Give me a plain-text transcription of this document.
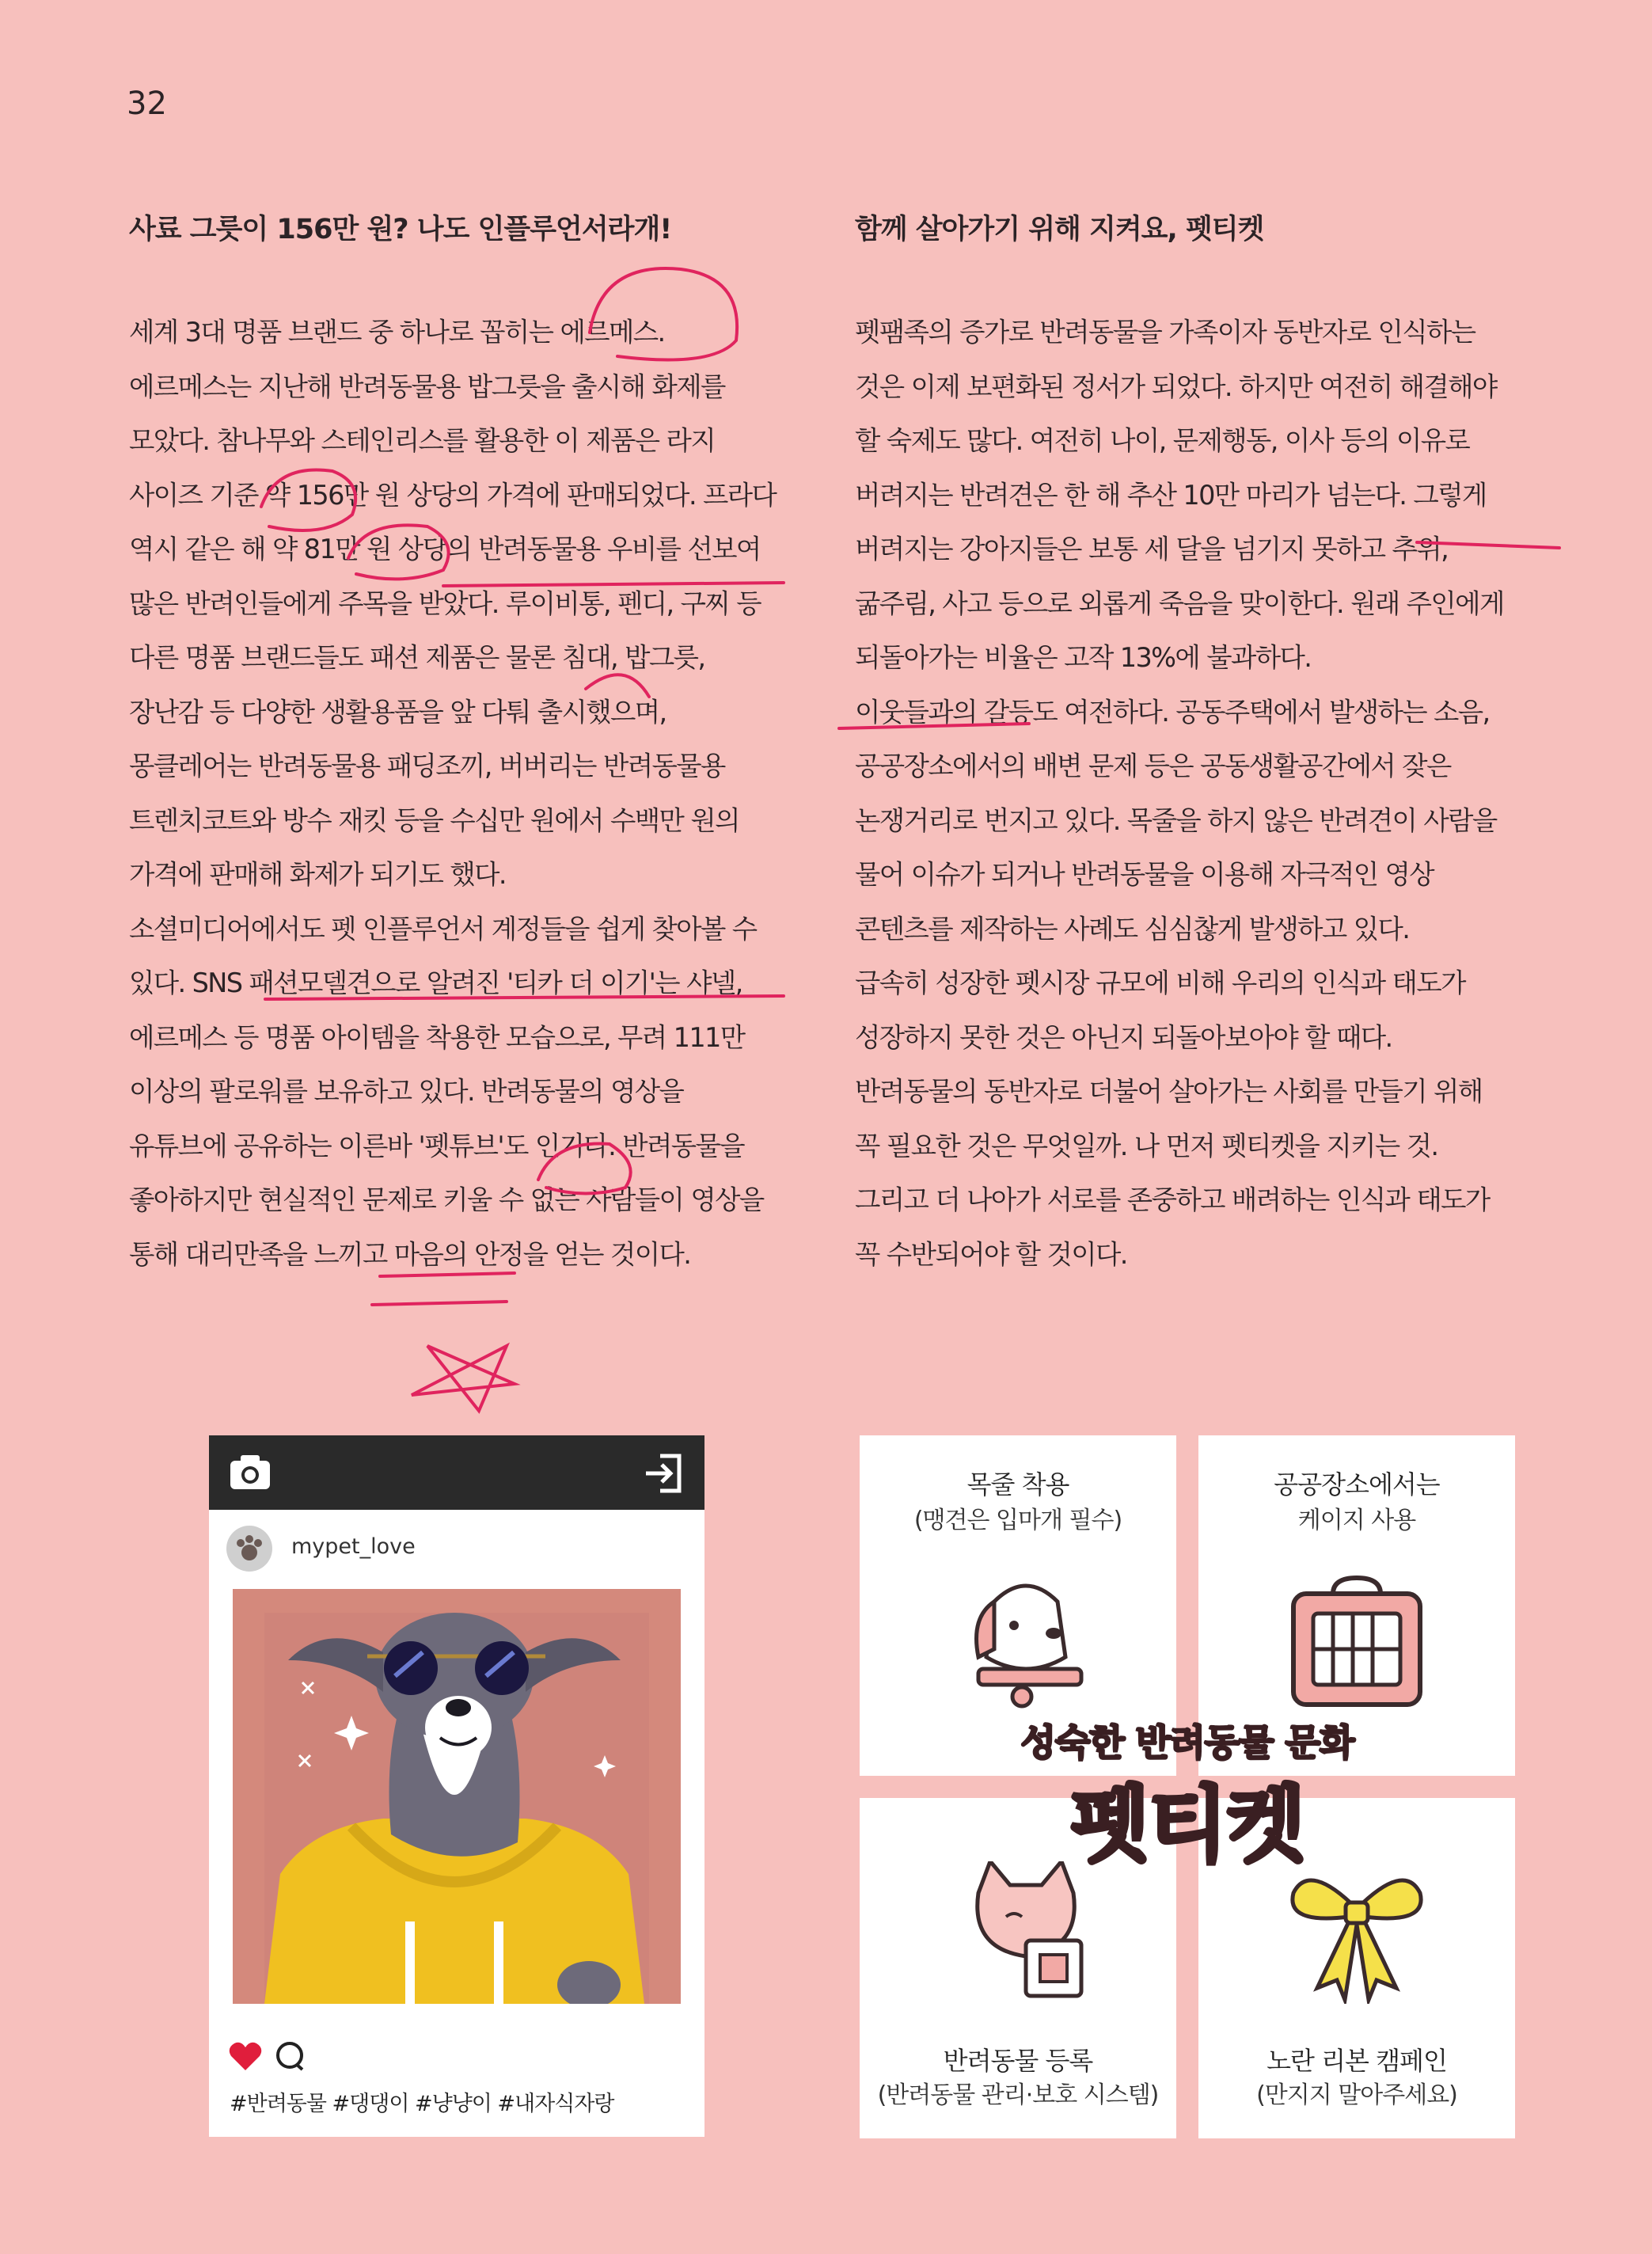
32
사료 그릇이 156만 원? 나도 인플루언서라개!

세계 3대 명품 브랜드 중 하나로 꼽히는 에르메스. 에르메스는 지난해 반려동물용 밥그릇을 출시해 화제를 모았다. 참나무와 스테인리스를 활용한 이 제품은 라지 사이즈 기준 약 156만 원 상당의 가격에 판매되었다. 프라다 역시 같은 해 약 81만 원 상당의 반려동물용 우비를 선보여 많은 반려인들에게 주목을 받았다. 루이비통, 펜디, 구찌 등 다른 명품 브랜드들도 패션 제품은 물론 침대, 밥그릇, 장난감 등 다양한 생활용품을 앞 다퉈 출시했으며, 몽클레어는 반려동물용 패딩조끼, 버버리는 반려동물용 트렌치코트와 방수 재킷 등을 수십만 원에서 수백만 원의 가격에 판매해 화제가 되기도 했다.

소셜미디어에서도 펫 인플루언서 계정들을 쉽게 찾아볼 수 있다. SNS 패션모델견으로 알려진 '티카 더 이기'는 샤넬, 에르메스 등 명품 아이템을 착용한 모습으로, 무려 111만 이상의 팔로워를 보유하고 있다. 반려동물의 영상을 유튜브에 공유하는 이른바 '펫튜브'도 인기다. 반려동물을 좋아하지만 현실적인 문제로 키울 수 없는 사람들이 영상을 통해 대리만족을 느끼고 마음의 안정을 얻는 것이다.

함께 살아가기 위해 지켜요, 펫티켓

펫팸족의 증가로 반려동물을 가족이자 동반자로 인식하는 것은 이제 보편화된 정서가 되었다. 하지만 여전히 해결해야 할 숙제도 많다. 여전히 나이, 문제행동, 이사 등의 이유로 버려지는 반려견은 한 해 추산 10만 마리가 넘는다. 그렇게 버려지는 강아지들은 보통 세 달을 넘기지 못하고 추위, 굶주림, 사고 등으로 외롭게 죽음을 맞이한다. 원래 주인에게 되돌아가는 비율은 고작 13%에 불과하다.

이웃들과의 갈등도 여전하다. 공동주택에서 발생하는 소음, 공공장소에서의 배변 문제 등은 공동생활공간에서 잦은 논쟁거리로 번지고 있다. 목줄을 하지 않은 반려견이 사람을 물어 이슈가 되거나 반려동물을 이용해 자극적인 영상 콘텐츠를 제작하는 사례도 심심찮게 발생하고 있다.

급속히 성장한 펫시장 규모에 비해 우리의 인식과 태도가 성장하지 못한 것은 아닌지 되돌아보아야 할 때다. 반려동물의 동반자로 더불어 살아가는 사회를 만들기 위해 꼭 필요한 것은 무엇일까. 나 먼저 펫티켓을 지키는 것. 그리고 더 나아가 서로를 존중하고 배려하는 인식과 태도가 꼭 수반되어야 할 것이다.

mypet_love
#반려동물 #댕댕이 #냥냥이 #내자식자랑
목줄 착용
(맹견은 입마개 필수)
공공장소에서는
케이지 사용
반려동물 등록
(반려동물 관리·보호 시스템)
노란 리본 캠페인
(만지지 말아주세요)
성숙한 반려동물 문화
펫티켓
